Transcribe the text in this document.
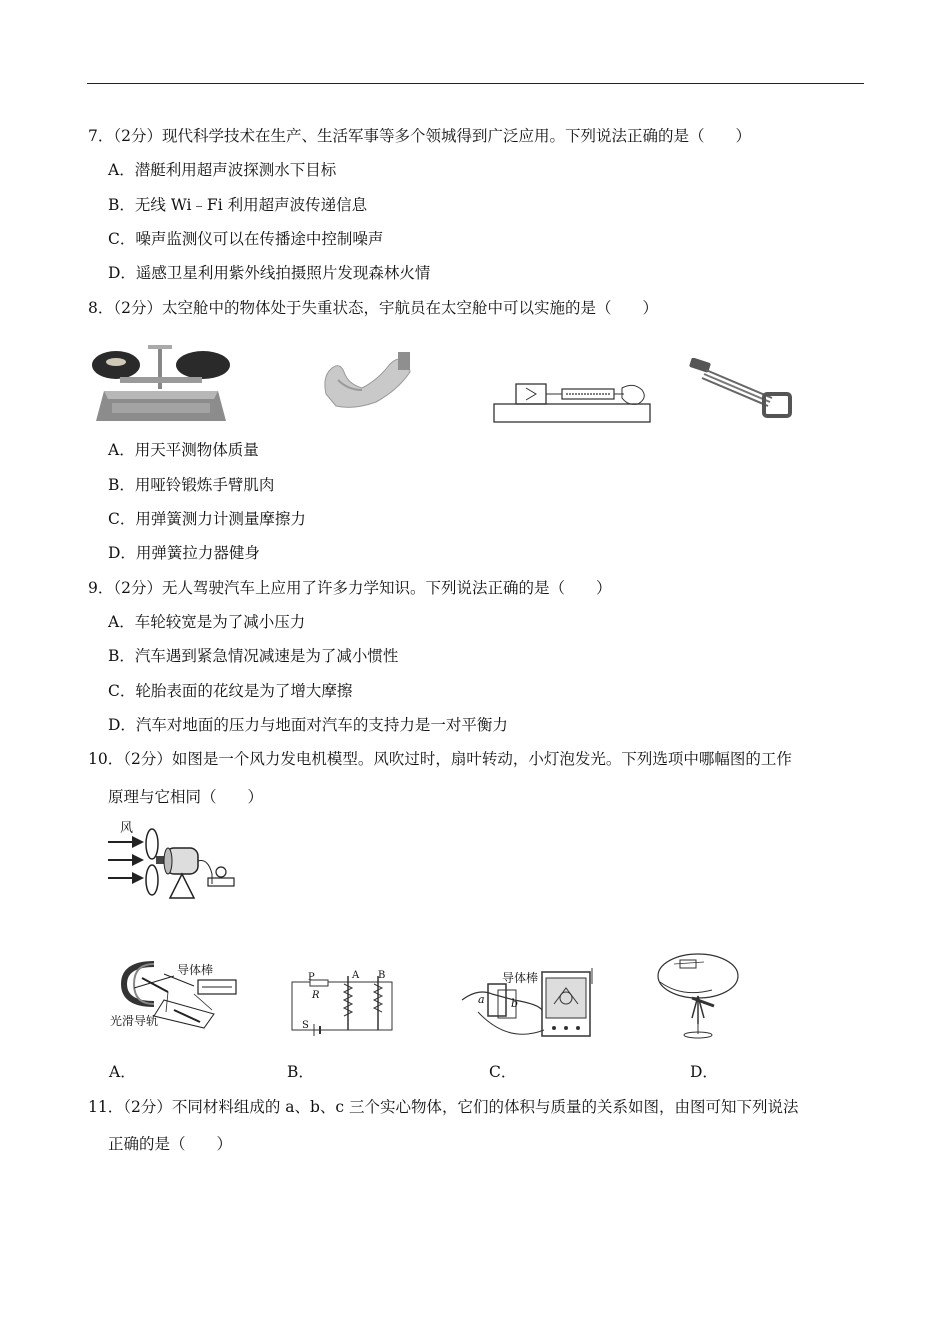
7．（2分）现代科学技术在生产、生活军事等多个领城得到广泛应用。下列说法正确的是（　　）
A．潜艇利用超声波探测水下目标
B．无线 Wi﹣Fi 利用超声波传递信息
C．噪声监测仪可以在传播途中控制噪声
D．遥感卫星利用紫外线拍摄照片发现森林火情
8．（2分）太空舱中的物体处于失重状态，宇航员在太空舱中可以实施的是（　　）
A．用天平测物体质量
B．用哑铃锻炼手臂肌肉
C．用弹簧测力计测量摩擦力
D．用弹簧拉力器健身
9．（2分）无人驾驶汽车上应用了许多力学知识。下列说法正确的是（　　）
A．车轮较宽是为了减小压力
B．汽车遇到紧急情况减速是为了减小惯性
C．轮胎表面的花纹是为了增大摩擦
D．汽车对地面的压力与地面对汽车的支持力是一对平衡力
10．（2分）如图是一个风力发电机模型。风吹过时，扇叶转动，小灯泡发光。下列选项中哪幅图的工作
原理与它相同（　　）
风
导体棒
光滑导轨
P
R
A B
S
导体棒
a b
A．	B．	C．	D．
11．（2分）不同材料组成的 a、b、c 三个实心物体，它们的体积与质量的关系如图，由图可知下列说法
正确的是（　　）
